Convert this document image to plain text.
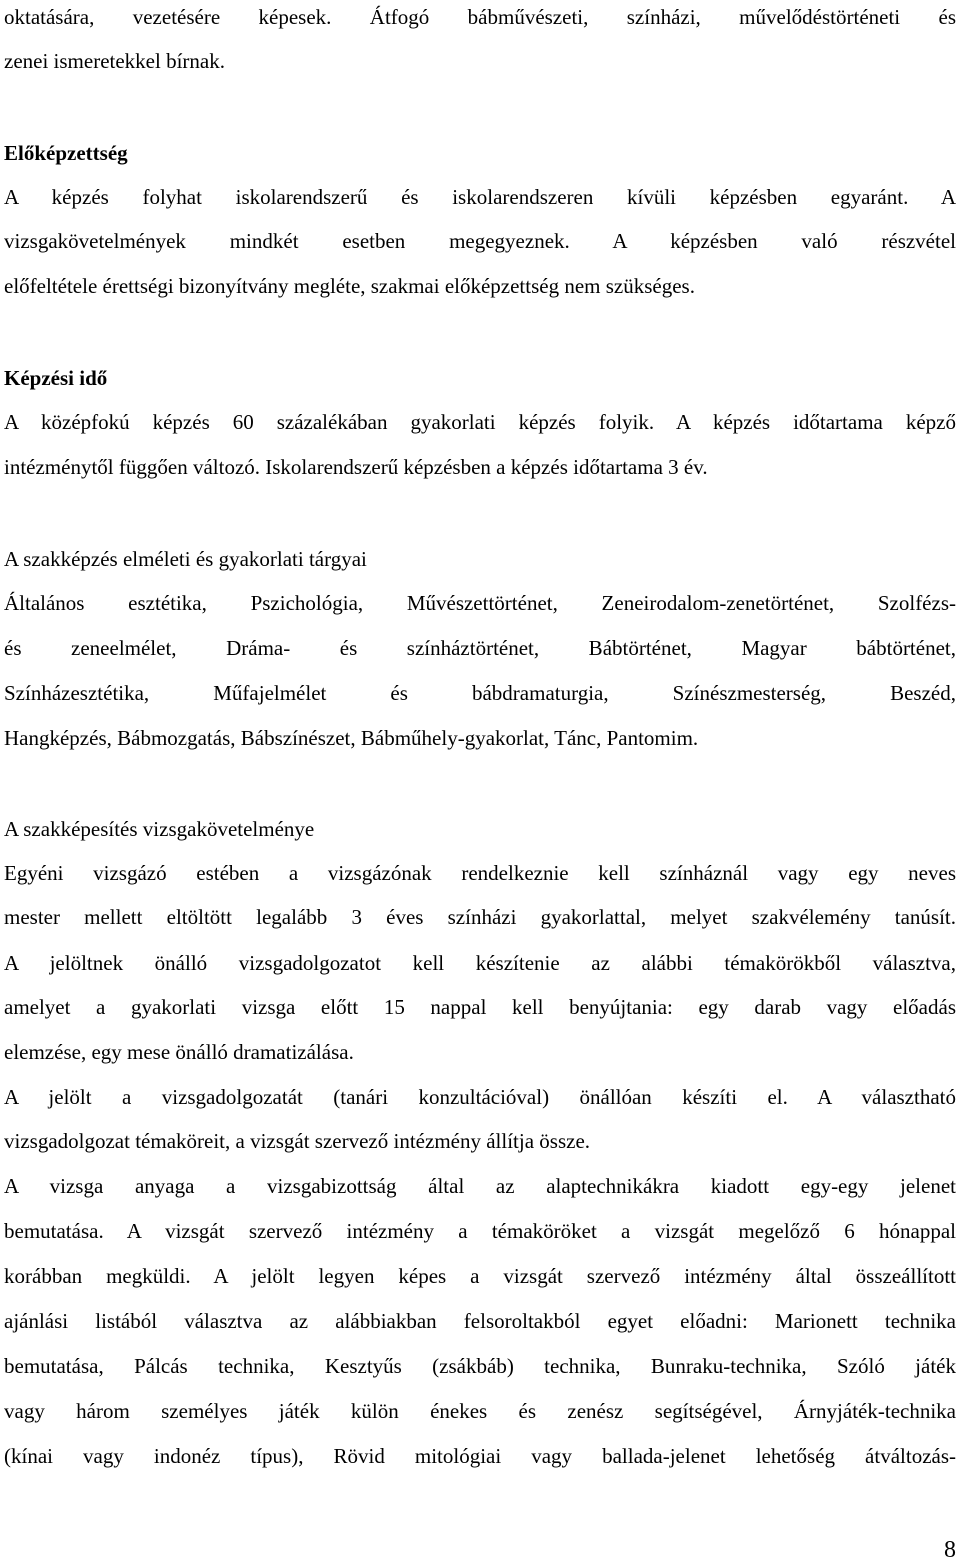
oktatására, vezetésére képesek. Átfogó bábművészeti, színházi, művelődéstörténeti és
zenei ismeretekkel bírnak.
Előképzettség
A képzés folyhat iskolarendszerű és iskolarendszeren kívüli képzésben egyaránt. A
vizsgakövetelmények mindkét esetben megegyeznek. A képzésben való részvétel
előfeltétele érettségi bizonyítvány megléte, szakmai előképzettség nem szükséges.
Képzési idő
A középfokú képzés 60 százalékában gyakorlati képzés folyik. A képzés időtartama képző
intézménytől függően változó. Iskolarendszerű képzésben a képzés időtartama 3 év.
A szakképzés elméleti és gyakorlati tárgyai
Általános esztétika, Pszichológia, Művészettörténet, Zeneirodalom-zenetörténet, Szolfézs-
és zeneelmélet, Dráma- és színháztörténet, Bábtörténet, Magyar bábtörténet,
Színházesztétika, Műfajelmélet és bábdramaturgia, Színészmesterség, Beszéd,
Hangképzés, Bábmozgatás, Bábszínészet, Bábműhely-gyakorlat, Tánc, Pantomim.
A szakképesítés vizsgakövetelménye
Egyéni vizsgázó estében a vizsgázónak rendelkeznie kell színháznál vagy egy neves
mester mellett eltöltött legalább 3 éves színházi gyakorlattal, melyet szakvélemény tanúsít.
A jelöltnek önálló vizsgadolgozatot kell készítenie az alábbi témakörökből választva,
amelyet a gyakorlati vizsga előtt 15 nappal kell benyújtania: egy darab vagy előadás
elemzése, egy mese önálló dramatizálása.
A jelölt a vizsgadolgozatát (tanári konzultációval) önállóan készíti el. A választható
vizsgadolgozat témaköreit, a vizsgát szervező intézmény állítja össze.
A vizsga anyaga a vizsgabizottság által az alaptechnikákra kiadott egy-egy jelenet
bemutatása. A vizsgát szervező intézmény a témaköröket a vizsgát megelőző 6 hónappal
korábban megküldi. A jelölt legyen képes a vizsgát szervező intézmény által összeállított
ajánlási listából választva az alábbiakban felsoroltakból egyet előadni: Marionett technika
bemutatása, Pálcás technika, Kesztyűs (zsákbáb) technika, Bunraku-technika, Szóló játék
vagy három személyes játék külön énekes és zenész segítségével, Árnyjáték-technika
(kínai vagy indonéz típus), Rövid mitológiai vagy ballada-jelenet lehetőség átváltozás-
8
